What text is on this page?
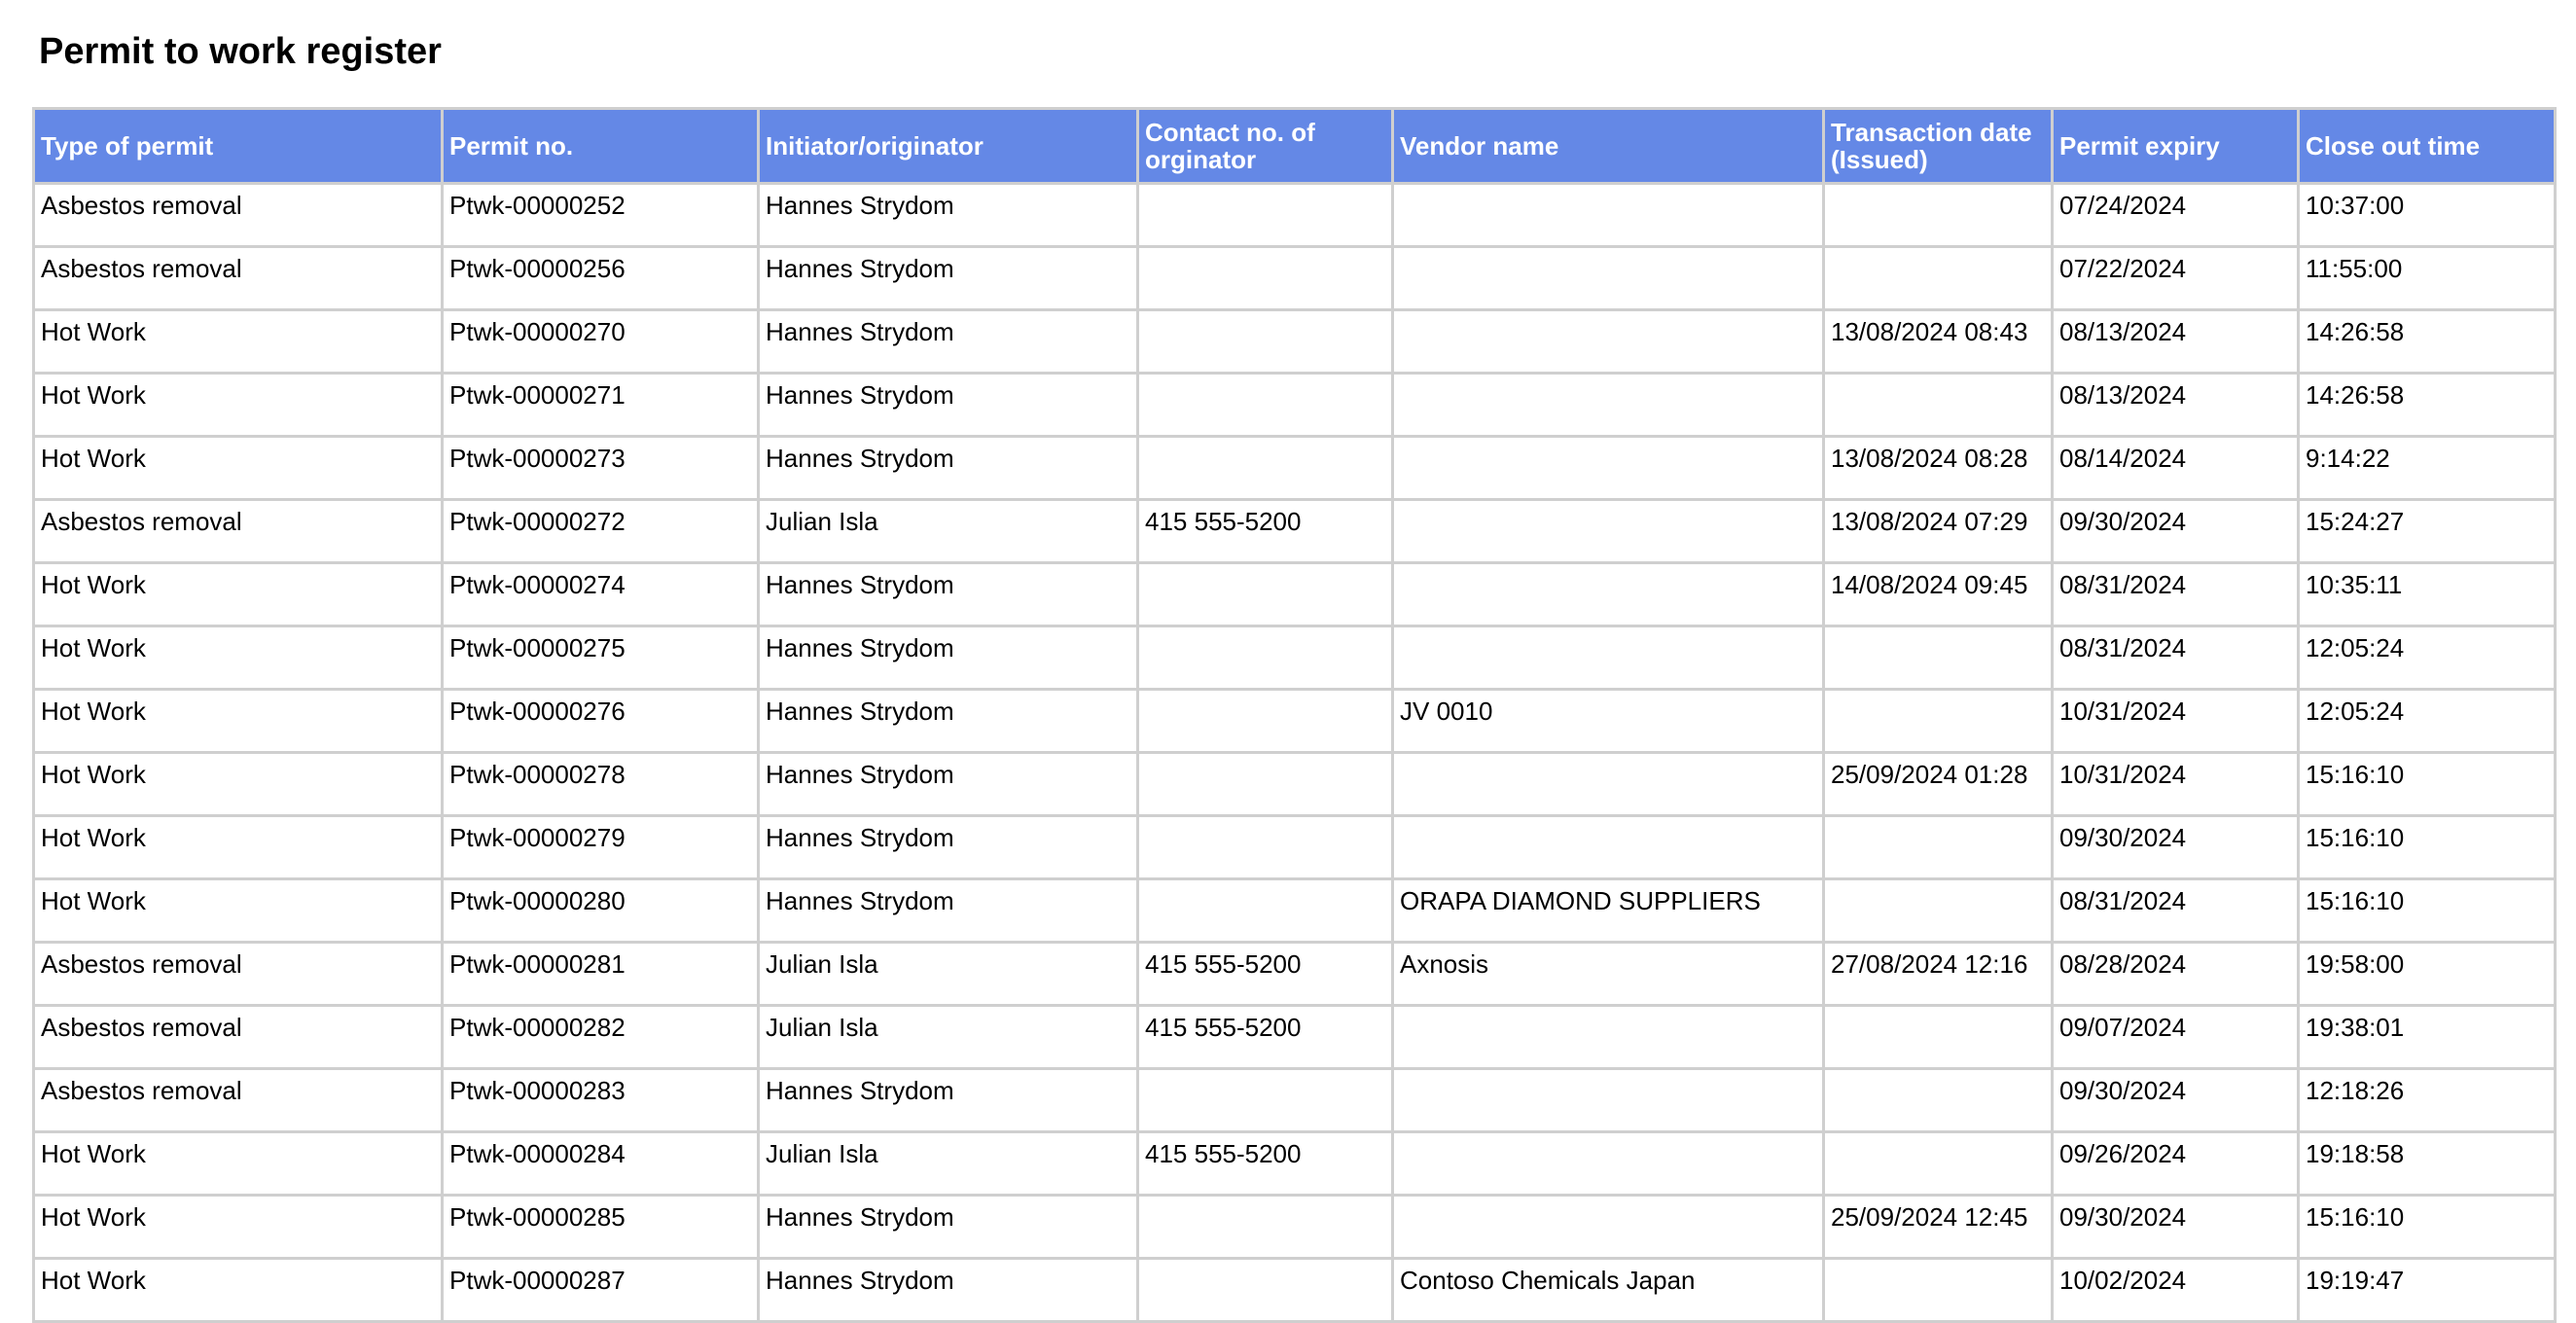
Permit to work register
Type of permit	Permit no.	Initiator/originator	Contact no. of orginator	Vendor name	Transaction date (Issued)	Permit expiry	Close out time
Asbestos removal	Ptwk-00000252	Hannes Strydom				07/24/2024	10:37:00
Asbestos removal	Ptwk-00000256	Hannes Strydom				07/22/2024	11:55:00
Hot Work	Ptwk-00000270	Hannes Strydom			13/08/2024 08:43	08/13/2024	14:26:58
Hot Work	Ptwk-00000271	Hannes Strydom				08/13/2024	14:26:58
Hot Work	Ptwk-00000273	Hannes Strydom			13/08/2024 08:28	08/14/2024	9:14:22
Asbestos removal	Ptwk-00000272	Julian Isla	415 555-5200		13/08/2024 07:29	09/30/2024	15:24:27
Hot Work	Ptwk-00000274	Hannes Strydom			14/08/2024 09:45	08/31/2024	10:35:11
Hot Work	Ptwk-00000275	Hannes Strydom				08/31/2024	12:05:24
Hot Work	Ptwk-00000276	Hannes Strydom		JV 0010		10/31/2024	12:05:24
Hot Work	Ptwk-00000278	Hannes Strydom			25/09/2024 01:28	10/31/2024	15:16:10
Hot Work	Ptwk-00000279	Hannes Strydom				09/30/2024	15:16:10
Hot Work	Ptwk-00000280	Hannes Strydom		ORAPA DIAMOND SUPPLIERS		08/31/2024	15:16:10
Asbestos removal	Ptwk-00000281	Julian Isla	415 555-5200	Axnosis	27/08/2024 12:16	08/28/2024	19:58:00
Asbestos removal	Ptwk-00000282	Julian Isla	415 555-5200			09/07/2024	19:38:01
Asbestos removal	Ptwk-00000283	Hannes Strydom				09/30/2024	12:18:26
Hot Work	Ptwk-00000284	Julian Isla	415 555-5200			09/26/2024	19:18:58
Hot Work	Ptwk-00000285	Hannes Strydom			25/09/2024 12:45	09/30/2024	15:16:10
Hot Work	Ptwk-00000287	Hannes Strydom		Contoso Chemicals Japan		10/02/2024	19:19:47
